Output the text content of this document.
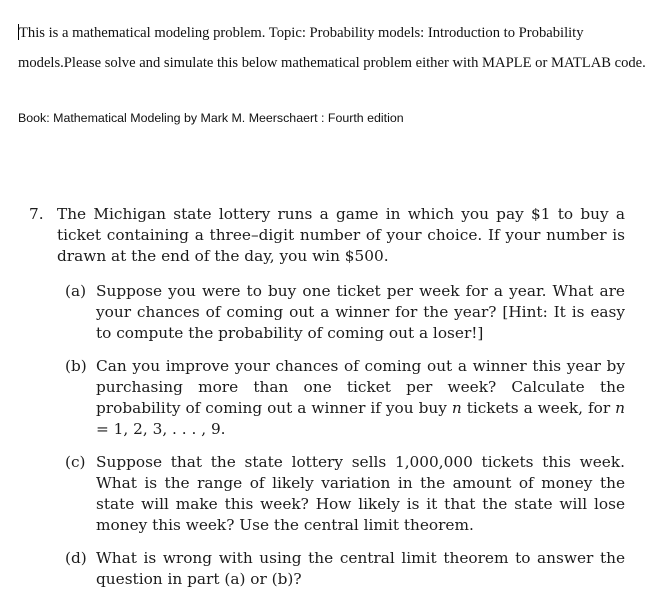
This is a mathematical modeling problem. Topic: Probability models: Introduction to Probability models.Please solve and simulate this below mathematical problem either with MAPLE or MATLAB code.
Book: Mathematical Modeling by Mark M. Meerschaert : Fourth edition
7. The Michigan state lottery runs a game in which you pay $1 to buy a ticket containing a three–digit number of your choice. If your number is drawn at the end of the day, you win $500.
(a) Suppose you were to buy one ticket per week for a year. What are your chances of coming out a winner for the year? [Hint: It is easy to compute the probability of coming out a loser!]
(b) Can you improve your chances of coming out a winner this year by purchasing more than one ticket per week? Calculate the probability of coming out a winner if you buy n tickets a week, for n = 1, 2, 3, . . . , 9.
(c) Suppose that the state lottery sells 1,000,000 tickets this week. What is the range of likely variation in the amount of money the state will make this week? How likely is it that the state will lose money this week? Use the central limit theorem.
(d) What is wrong with using the central limit theorem to answer the question in part (a) or (b)?
